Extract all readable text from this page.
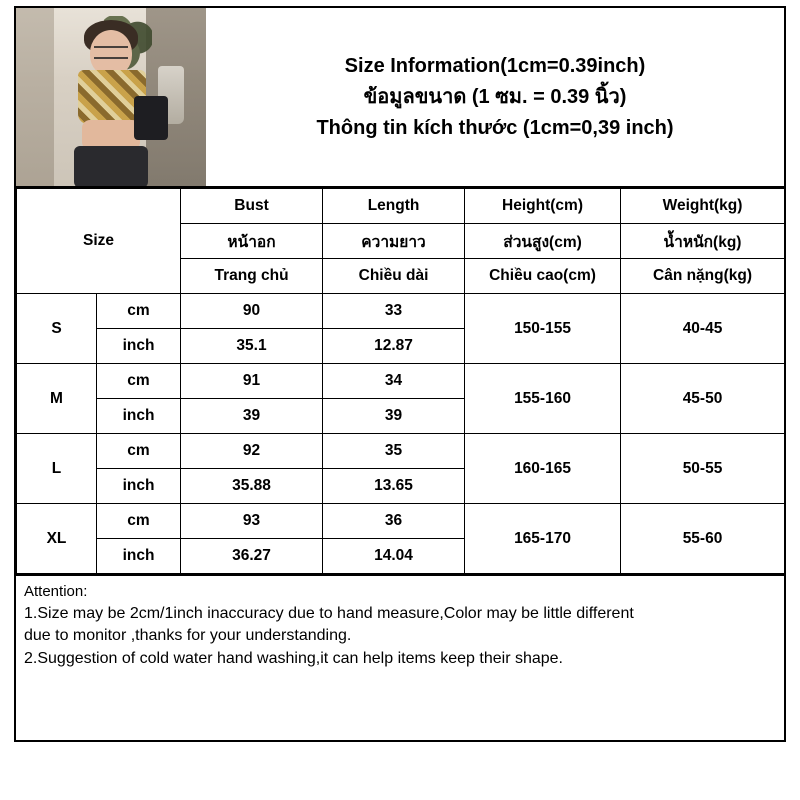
Size Information(1cm=0.39inch)
ข้อมูลขนาด (1 ซม. = 0.39 นิ้ว)
Thông tin kích thước (1cm=0,39 inch)
Size		Bust	Length	Height(cm)	Weight(kg)
		หน้าอก	ความยาว	ส่วนสูง(cm)	น้ำหนัก(kg)
		Trang chủ	Chiều dài	Chiều cao(cm)	Cân nặng(kg)
S	cm	90	33	150-155	40-45
	inch	35.1	12.87		
M	cm	91	34	155-160	45-50
	inch	39	39		
L	cm	92	35	160-165	50-55
	inch	35.88	13.65		
XL	cm	93	36	165-170	55-60
	inch	36.27	14.04		

Attention:

1.Size may be 2cm/1inch inaccuracy due to hand measure,Color may be little different

due to monitor ,thanks for your understanding.

2.Suggestion of cold water hand washing,it can help items keep their shape.
